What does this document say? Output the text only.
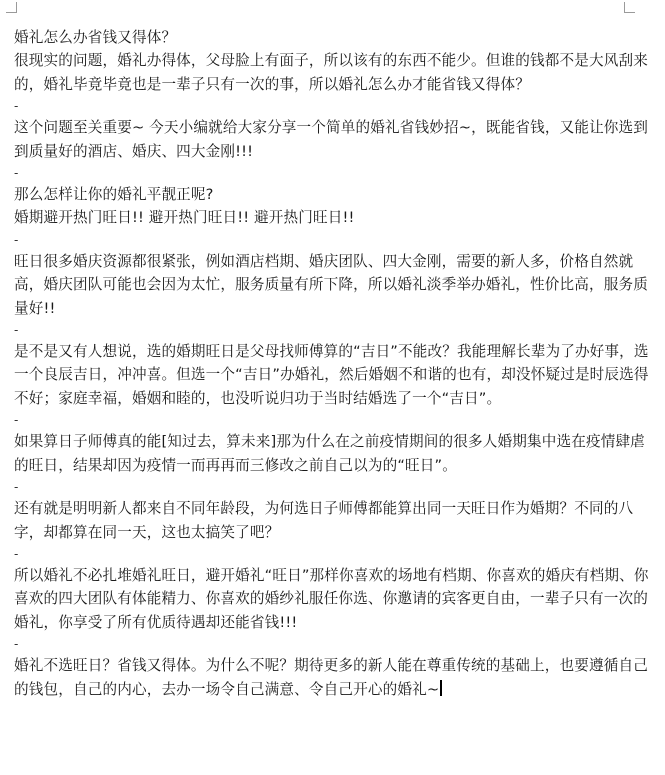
婚礼怎么办省钱又得体？

很现实的问题，婚礼办得体，父母脸上有面子，所以该有的东西不能少。但谁的钱都不是大风刮来的，婚礼毕竟毕竟也是一辈子只有一次的事，所以婚礼怎么办才能省钱又得体？

-

这个问题至关重要~ 今天小编就给大家分享一个简单的婚礼省钱妙招~，既能省钱，又能让你选到到质量好的酒店、婚庆、四大金刚!!!

-

那么怎样让你的婚礼平靓正呢?

婚期避开热门旺日!! 避开热门旺日!! 避开热门旺日!!

-

旺日很多婚庆资源都很紧张，例如酒店档期、婚庆团队、四大金刚，需要的新人多，价格自然就高，婚庆团队可能也会因为太忙，服务质量有所下降，所以婚礼淡季举办婚礼，性价比高，服务质量好!!

-

是不是又有人想说，选的婚期旺日是父母找师傅算的“吉日”不能改？我能理解长辈为了办好事，选一个良辰吉日，冲冲喜。但选一个“吉日”办婚礼，然后婚姻不和谐的也有，却没怀疑过是时辰选得不好；家庭幸福，婚姻和睦的，也没听说归功于当时结婚选了一个“吉日”。

-

如果算日子师傅真的能[知过去，算未来]那为什么在之前疫情期间的很多人婚期集中选在疫情肆虐的旺日，结果却因为疫情一而再再而三修改之前自己以为的“旺日”。

-

还有就是明明新人都来自不同年龄段，为何选日子师傅都能算出同一天旺日作为婚期？不同的八字，却都算在同一天，这也太搞笑了吧？

-

所以婚礼不必扎堆婚礼旺日，避开婚礼“旺日”那样你喜欢的场地有档期、你喜欢的婚庆有档期、你喜欢的四大团队有体能精力、你喜欢的婚纱礼服任你选、你邀请的宾客更自由，一辈子只有一次的婚礼，你享受了所有优质待遇却还能省钱!!!

-

婚礼不选旺日？省钱又得体。为什么不呢？期待更多的新人能在尊重传统的基础上，也要遵循自己的钱包，自己的内心，去办一场令自己满意、令自己开心的婚礼~
